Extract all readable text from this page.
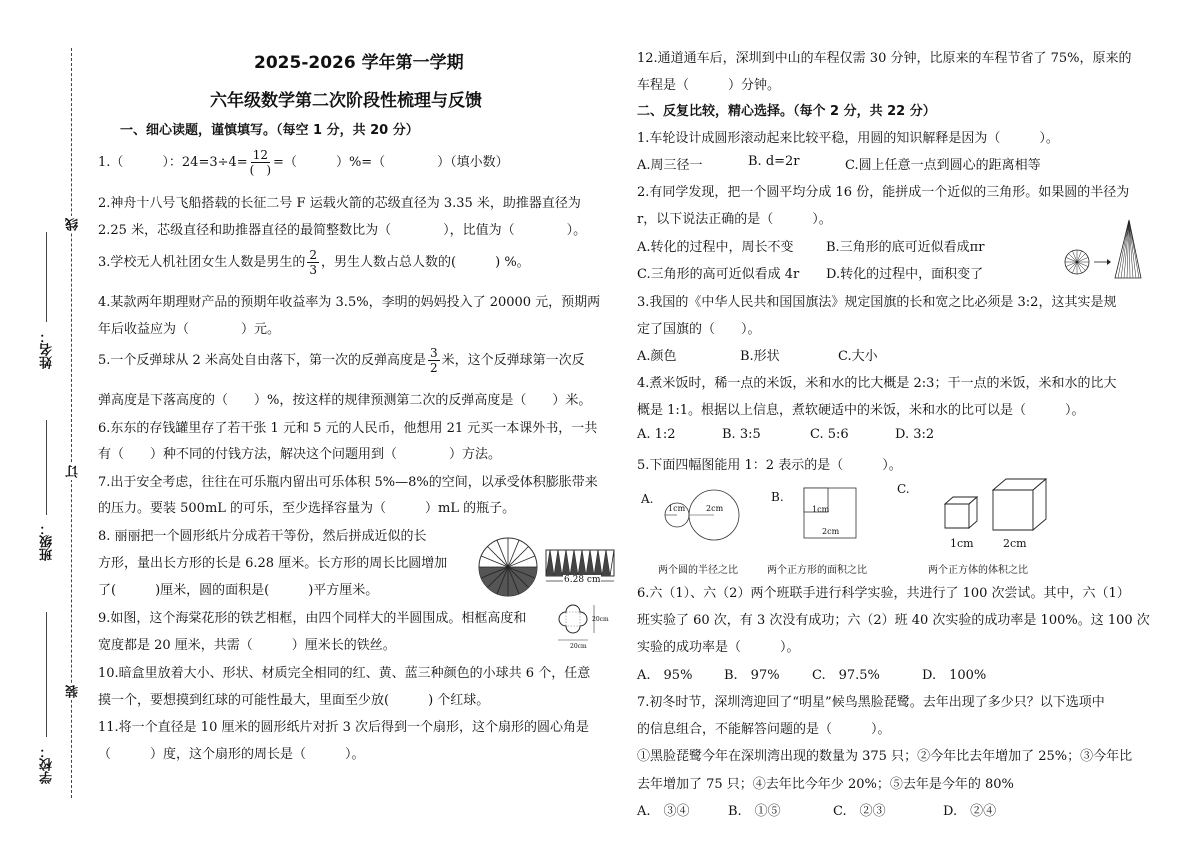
线
订
装
姓名：
班级：
学校：
2025-2026 学年第一学期
六年级数学第二次阶段性梳理与反馈
一、细心读题，谨慎填写。（每空 1 分，共 20 分）
1.（　　　）：$24=3\div 4= \frac{12}{( )}$ =（　　　）%=（　　　　）（填小数）
2.神舟十八号飞船搭载的长征二号 F 运载火箭的芯级直径为 3.35 米，助推器直径为
2.25 米，芯级直径和助推器直径的最简整数比为（　　　　），比值为（　　　　）。
3.学校无人机社团女生人数是男生的 $\frac{2}{3}$ ，男生人数占总人数的(　　　) %。
4.某款两年期理财产品的预期年收益率为 3.5%，李明的妈妈投入了 20000 元，预期两
年后收益应为（　　　　）元。
5.一个反弹球从 2 米高处自由落下，第一次的反弹高度是 $\frac{3}{2}$ 米，这个反弹球第一次反
弹高度是下落高度的（　　）%，按这样的规律预测第二次的反弹高度是（　　）米。
6.东东的存钱罐里存了若干张 1 元和 5 元的人民币，他想用 21 元买一本课外书，一共
有（　　）种不同的付钱方法，解决这个问题用到（　　　　）方法。
7.出于安全考虑，往往在可乐瓶内留出可乐体积 5%—8%的空间，以承受体积膨胀带来
的压力。要装 500mL 的可乐，至少选择容量为（　　　）mL 的瓶子。
8. 丽丽把一个圆形纸片分成若干等份，然后拼成近似的长
方形，量出长方形的长是 6.28 厘米。长方形的周长比圆增加
了(　　　)厘米，圆的面积是(　　　)平方厘米。
6.28 cm
9.如图，这个海棠花形的铁艺相框，由四个同样大的半圆围成。相框高度和
宽度都是 20 厘米，共需（　　　）厘米长的铁丝。	20cm
20cm
10.暗盒里放着大小、形状、材质完全相同的红、黄、蓝三种颜色的小球共 6 个，任意
摸一个，要想摸到红球的可能性最大，里面至少放(　　　) 个红球。
11.将一个直径是 10 厘米的圆形纸片对折 3 次后得到一个扇形，这个扇形的圆心角是
（　　　）度，这个扇形的周长是（　　　）。
12.通道通车后，深圳到中山的车程仅需 30 分钟，比原来的车程节省了 75%，原来的
车程是（　　　）分钟。
二、反复比较，精心选择。（每个 2 分，共 22 分）
1.车轮设计成圆形滚动起来比较平稳，用圆的知识解释是因为（　　　）。
A.周三径一	B. d=2r	C.圆上任意一点到圆心的距离相等
2.有同学发现，把一个圆平均分成 16 份，能拼成一个近似的三角形。如果圆的半径为
r，以下说法正确的是（　　　）。
A.转化的过程中，周长不变 B.三角形的底可近似看成πr
C.三角形的高可近似看成 4r D.转化的过程中，面积变了
3.我国的《中华人民共和国国旗法》规定国旗的长和宽之比必须是 3:2，这其实是规
定了国旗的（　　）。
A.颜色	B.形状	C.大小
4.煮米饭时，稀一点的米饭，米和水的比大概是 2:3；干一点的米饭，米和水的比大
概是 1:1。根据以上信息，煮软硬适中的米饭，米和水的比可以是（　　　）。
A. 1:2	B. 3:5	C. 5:6	D. 3:2
5.下面四幅图能用 1：2 表示的是（　　　）。
A.
1cm	2cm
两个圆的半径之比
B.
1cm
2cm
两个正方形的面积之比
C.
1cm	2cm
两个正方体的体积之比
6.六（1）、六（2）两个班联手进行科学实验，共进行了 100 次尝试。其中，六（1）
班实验了 60 次，有 3 次没有成功；六（2）班 40 次实验的成功率是 100%。这 100 次
实验的成功率是（　　　）。
A.　95% B.　97% C.　97.5%	D.　100%
7.初冬时节，深圳湾迎回了“明星”候鸟黑脸琵鹭。去年出现了多少只？以下选项中
的信息组合，不能解答问题的是（　　　）。
①黑脸琵鹭今年在深圳湾出现的数量为 375 只；②今年比去年增加了 25%；③今年比
去年增加了 75 只；④去年比今年少 20%；⑤去年是今年的 80%
A.　③④	B.　①⑤	C.　②③	D.　②④
